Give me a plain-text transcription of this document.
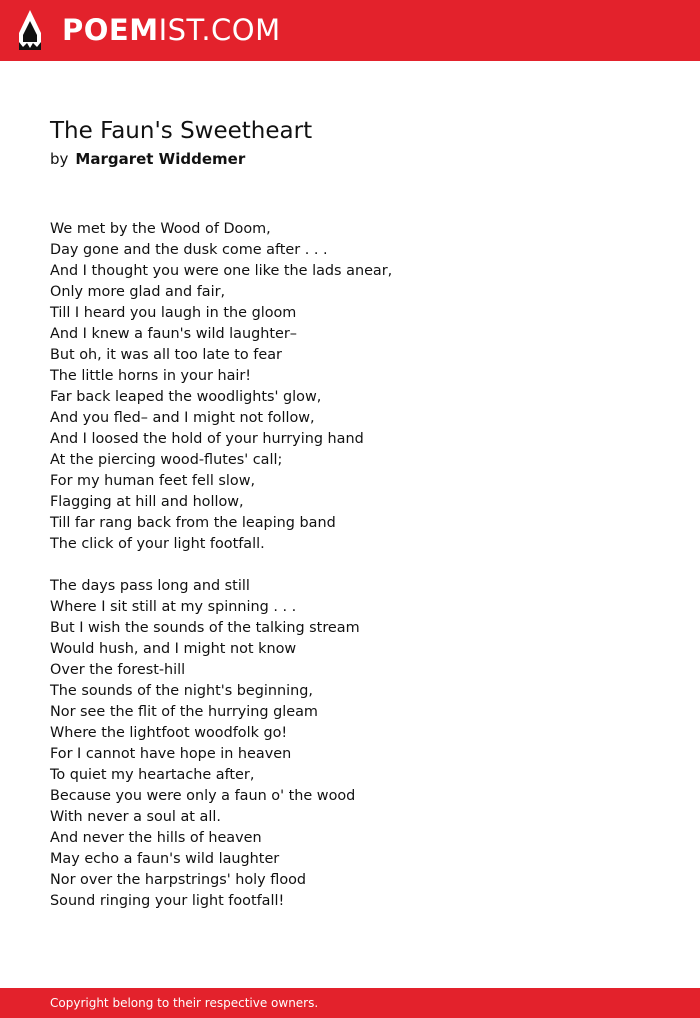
POEMIST.COM
The Faun's Sweetheart
by Margaret Widdemer
We met by the Wood of Doom,
Day gone and the dusk come after . . .
And I thought you were one like the lads anear,
Only more glad and fair,
Till I heard you laugh in the gloom
And I knew a faun's wild laughter–
But oh, it was all too late to fear
The little horns in your hair!
Far back leaped the woodlights' glow,
And you fled– and I might not follow,
And I loosed the hold of your hurrying hand
At the piercing wood-flutes' call;
For my human feet fell slow,
Flagging at hill and hollow,
Till far rang back from the leaping band
The click of your light footfall.
The days pass long and still
Where I sit still at my spinning . . .
But I wish the sounds of the talking stream
Would hush, and I might not know
Over the forest-hill
The sounds of the night's beginning,
Nor see the flit of the hurrying gleam
Where the lightfoot woodfolk go!
For I cannot have hope in heaven
To quiet my heartache after,
Because you were only a faun o' the wood
With never a soul at all.
And never the hills of heaven
May echo a faun's wild laughter
Nor over the harpstrings' holy flood
Sound ringing your light footfall!
Copyright belong to their respective owners.
